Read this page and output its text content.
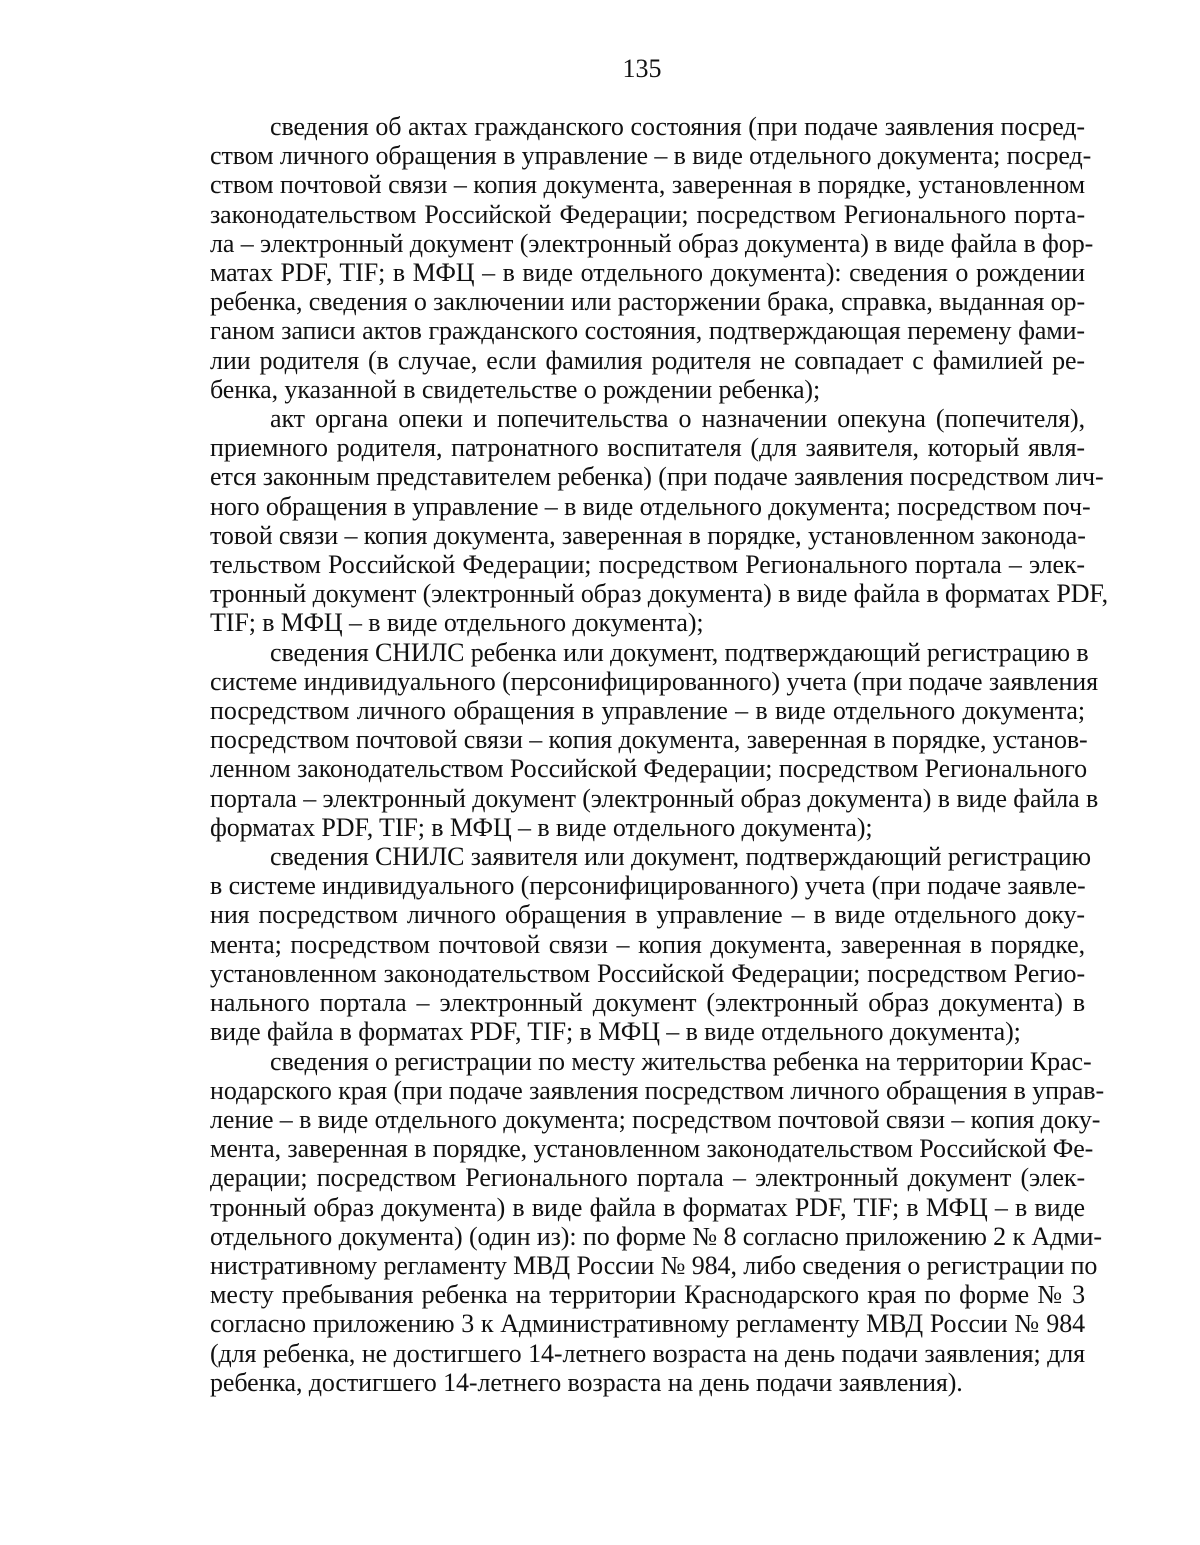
135
сведения об актах гражданского состояния (при подаче заявления посред-
ством личного обращения в управление – в виде отдельного документа; посред-
ством почтовой связи – копия документа, заверенная в порядке, установленном
законодательством Российской Федерации; посредством Регионального порта-
ла – электронный документ (электронный образ документа) в виде файла в фор-
матах PDF, TIF; в МФЦ – в виде отдельного документа): сведения о рождении
ребенка, сведения о заключении или расторжении брака, справка, выданная ор-
ганом записи актов гражданского состояния, подтверждающая перемену фами-
лии родителя (в случае, если фамилия родителя не совпадает с фамилией ре-
бенка, указанной в свидетельстве о рождении ребенка);
акт органа опеки и попечительства о назначении опекуна (попечителя),
приемного родителя, патронатного воспитателя (для заявителя, который явля-
ется законным представителем ребенка) (при подаче заявления посредством лич-
ного обращения в управление – в виде отдельного документа; посредством поч-
товой связи – копия документа, заверенная в порядке, установленном законода-
тельством Российской Федерации; посредством Регионального портала – элек-
тронный документ (электронный образ документа) в виде файла в форматах PDF,
TIF; в МФЦ – в виде отдельного документа);
сведения СНИЛС ребенка или документ, подтверждающий регистрацию в
системе индивидуального (персонифицированного) учета (при подаче заявления
посредством личного обращения в управление – в виде отдельного документа;
посредством почтовой связи – копия документа, заверенная в порядке, установ-
ленном законодательством Российской Федерации; посредством Регионального
портала – электронный документ (электронный образ документа) в виде файла в
форматах PDF, TIF; в МФЦ – в виде отдельного документа);
сведения СНИЛС заявителя или документ, подтверждающий регистрацию
в системе индивидуального (персонифицированного) учета (при подаче заявле-
ния посредством личного обращения в управление – в виде отдельного доку-
мента; посредством почтовой связи – копия документа, заверенная в порядке,
установленном законодательством Российской Федерации; посредством Регио-
нального портала – электронный документ (электронный образ документа) в
виде файла в форматах PDF, TIF; в МФЦ – в виде отдельного документа);
сведения о регистрации по месту жительства ребенка на территории Крас-
нодарского края (при подаче заявления посредством личного обращения в управ-
ление – в виде отдельного документа; посредством почтовой связи – копия доку-
мента, заверенная в порядке, установленном законодательством Российской Фе-
дерации; посредством Регионального портала – электронный документ (элек-
тронный образ документа) в виде файла в форматах PDF, TIF; в МФЦ – в виде
отдельного документа) (один из): по форме № 8 согласно приложению 2 к Адми-
нистративному регламенту МВД России № 984, либо сведения о регистрации по
месту пребывания ребенка на территории Краснодарского края по форме № 3
согласно приложению 3 к Административному регламенту МВД России № 984
(для ребенка, не достигшего 14-летнего возраста на день подачи заявления; для
ребенка, достигшего 14-летнего возраста на день подачи заявления).
